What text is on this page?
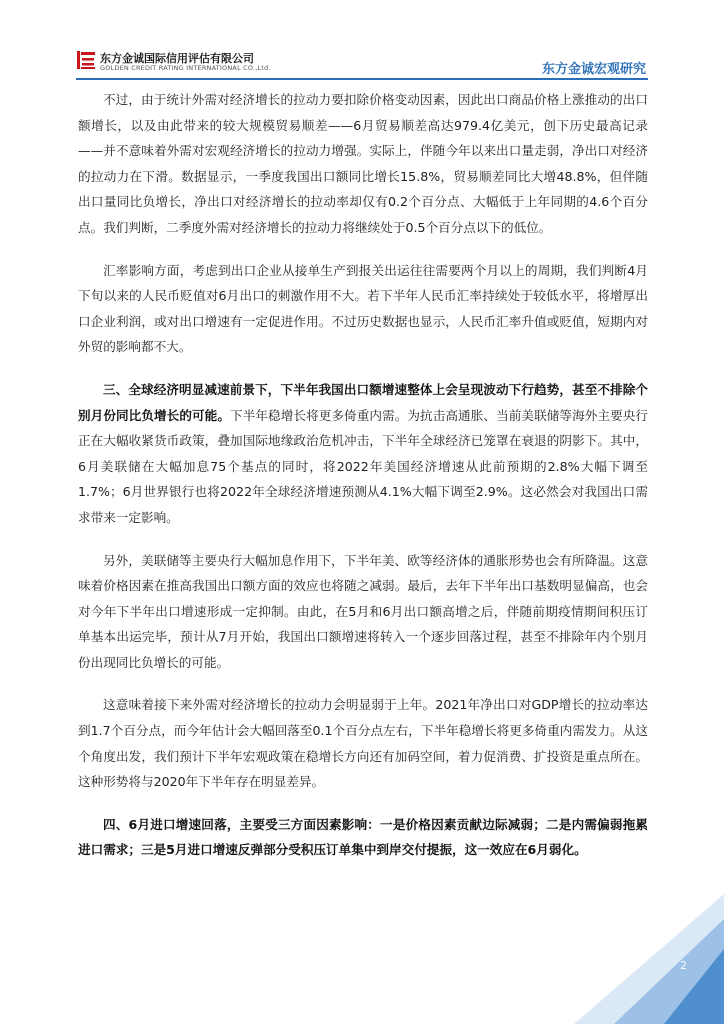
东方金诚国际信用评估有限公司
GOLDEN CREDIT RATING INTERNATIONAL CO.,Ltd.	东方金诚宏观研究

不过，由于统计外需对经济增长的拉动力要扣除价格变动因素，因此出口商品价格上涨推动的出口额增长，以及由此带来的较大规模贸易顺差——6月贸易顺差高达979.4亿美元，创下历史最高记录——并不意味着外需对宏观经济增长的拉动力增强。实际上，伴随今年以来出口量走弱，净出口对经济的拉动力在下滑。数据显示，一季度我国出口额同比增长15.8%，贸易顺差同比大增48.8%，但伴随出口量同比负增长，净出口对经济增长的拉动率却仅有0.2个百分点、大幅低于上年同期的4.6个百分点。我们判断，二季度外需对经济增长的拉动力将继续处于0.5个百分点以下的低位。

汇率影响方面，考虑到出口企业从接单生产到报关出运往往需要两个月以上的周期，我们判断4月下旬以来的人民币贬值对6月出口的刺激作用不大。若下半年人民币汇率持续处于较低水平，将增厚出口企业利润，或对出口增速有一定促进作用。不过历史数据也显示，人民币汇率升值或贬值，短期内对外贸的影响都不大。

三、全球经济明显减速前景下，下半年我国出口额增速整体上会呈现波动下行趋势，甚至不排除个别月份同比负增长的可能。下半年稳增长将更多倚重内需。为抗击高通胀、当前美联储等海外主要央行正在大幅收紧货币政策，叠加国际地缘政治危机冲击，下半年全球经济已笼罩在衰退的阴影下。其中，6月美联储在大幅加息75个基点的同时，将2022年美国经济增速从此前预期的2.8%大幅下调至1.7%；6月世界银行也将2022年全球经济增速预测从4.1%大幅下调至2.9%。这必然会对我国出口需求带来一定影响。

另外，美联储等主要央行大幅加息作用下，下半年美、欧等经济体的通胀形势也会有所降温。这意味着价格因素在推高我国出口额方面的效应也将随之减弱。最后，去年下半年出口基数明显偏高，也会对今年下半年出口增速形成一定抑制。由此，在5月和6月出口额高增之后，伴随前期疫情期间积压订单基本出运完毕，预计从7月开始，我国出口额增速将转入一个逐步回落过程，甚至不排除年内个别月份出现同比负增长的可能。

这意味着接下来外需对经济增长的拉动力会明显弱于上年。2021年净出口对GDP增长的拉动率达到1.7个百分点，而今年估计会大幅回落至0.1个百分点左右，下半年稳增长将更多倚重内需发力。从这个角度出发，我们预计下半年宏观政策在稳增长方向还有加码空间，着力促消费、扩投资是重点所在。这种形势将与2020年下半年存在明显差异。

四、6月进口增速回落，主要受三方面因素影响：一是价格因素贡献边际减弱；二是内需偏弱拖累进口需求；三是5月进口增速反弹部分受积压订单集中到岸交付提振，这一效应在6月弱化。

2
